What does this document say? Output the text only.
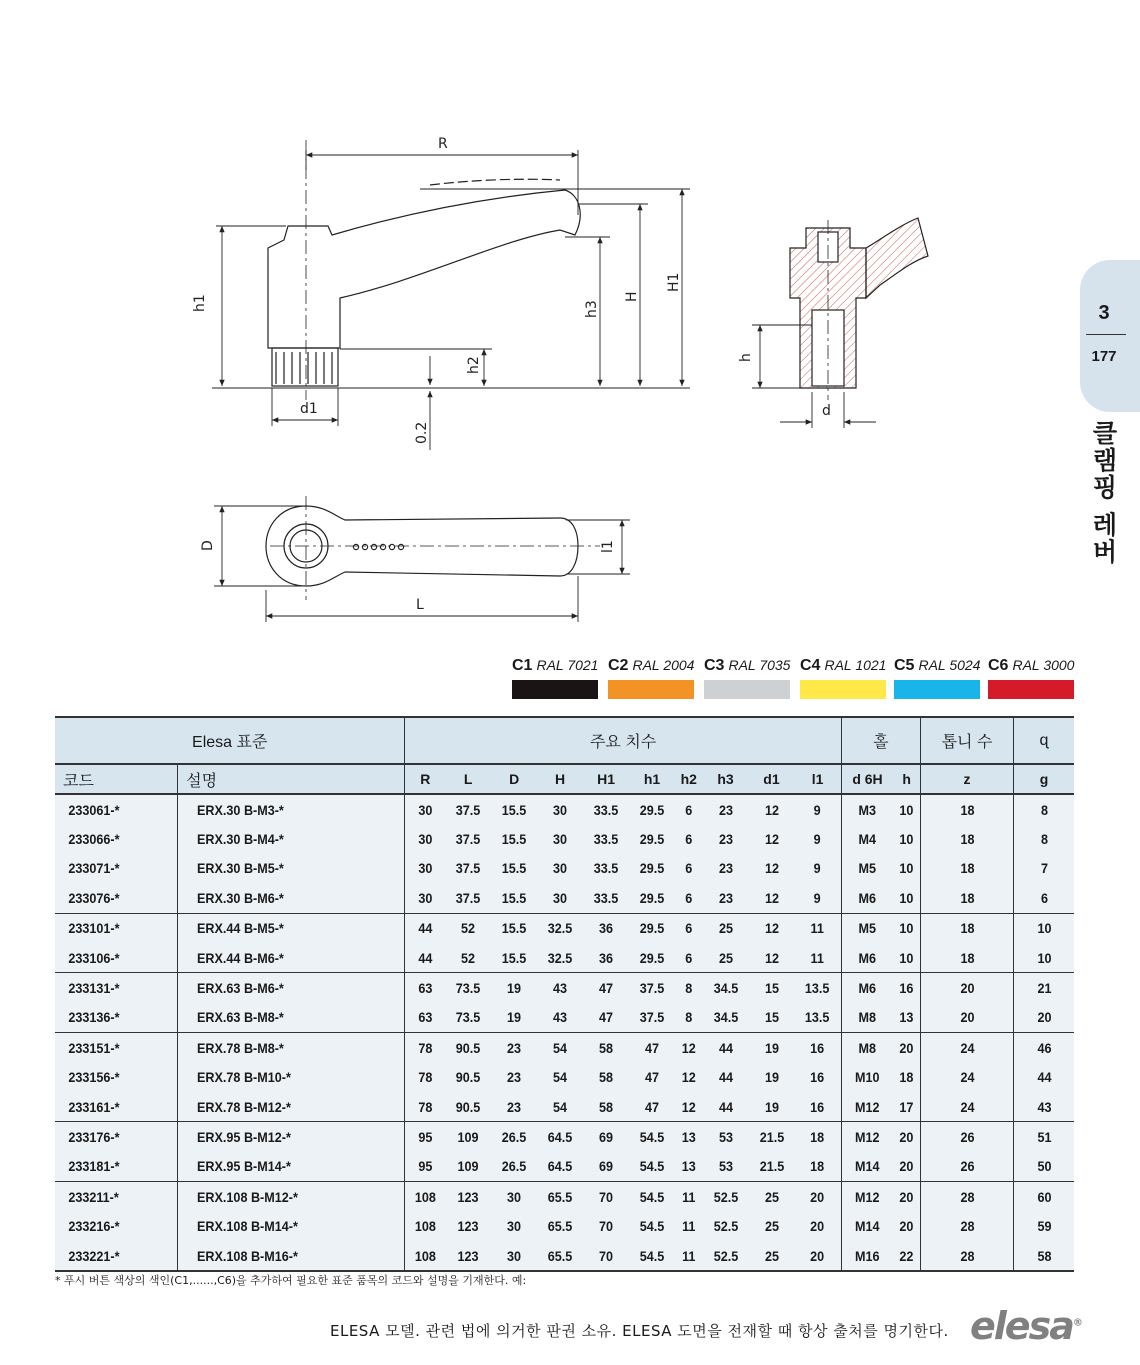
R
h1	h3
H
H1
h2
d1
0.2
h
d
D
L
l1
3
177
클램핑 레버
C1 RAL 7021 C2 RAL 2004 C3 RAL 7035 C4 RAL 1021 C5 RAL 5024 C6 RAL 3000
Elesa 표준		주요 치수										홀		톱니 수	ɋ
코드	설명	R	L	D	H	H1	h1	h2	h3	d1	l1	d 6H	h	z	g
233061-*	ERX.30 B-M3-*	30	37.5	15.5	30	33.5	29.5	6	23	12	9	M3	10	18	8
233066-*	ERX.30 B-M4-*	30	37.5	15.5	30	33.5	29.5	6	23	12	9	M4	10	18	8
233071-*	ERX.30 B-M5-*	30	37.5	15.5	30	33.5	29.5	6	23	12	9	M5	10	18	7
233076-*	ERX.30 B-M6-*	30	37.5	15.5	30	33.5	29.5	6	23	12	9	M6	10	18	6
233101-*	ERX.44 B-M5-*	44	52	15.5	32.5	36	29.5	6	25	12	11	M5	10	18	10
233106-*	ERX.44 B-M6-*	44	52	15.5	32.5	36	29.5	6	25	12	11	M6	10	18	10
233131-*	ERX.63 B-M6-*	63	73.5	19	43	47	37.5	8	34.5	15	13.5	M6	16	20	21
233136-*	ERX.63 B-M8-*	63	73.5	19	43	47	37.5	8	34.5	15	13.5	M8	13	20	20
233151-*	ERX.78 B-M8-*	78	90.5	23	54	58	47	12	44	19	16	M8	20	24	46
233156-*	ERX.78 B-M10-*	78	90.5	23	54	58	47	12	44	19	16	M10	18	24	44
233161-*	ERX.78 B-M12-*	78	90.5	23	54	58	47	12	44	19	16	M12	17	24	43
233176-*	ERX.95 B-M12-*	95	109	26.5	64.5	69	54.5	13	53	21.5	18	M12	20	26	51
233181-*	ERX.95 B-M14-*	95	109	26.5	64.5	69	54.5	13	53	21.5	18	M14	20	26	50
233211-*	ERX.108 B-M12-*	108	123	30	65.5	70	54.5	11	52.5	25	20	M12	20	28	60
233216-*	ERX.108 B-M14-*	108	123	30	65.5	70	54.5	11	52.5	25	20	M14	20	28	59
233221-*	ERX.108 B-M16-*	108	123	30	65.5	70	54.5	11	52.5	25	20	M16	22	28	58
* 푸시 버튼 색상의 색인(C1,......,C6)을 추가하여 필요한 표준 품목의 코드와 설명을 기재한다. 예:
ELESA 모델. 관련 법에 의거한 판권 소유. ELESA 도면을 전재할 때 항상 출처를 명기한다. elesa®
